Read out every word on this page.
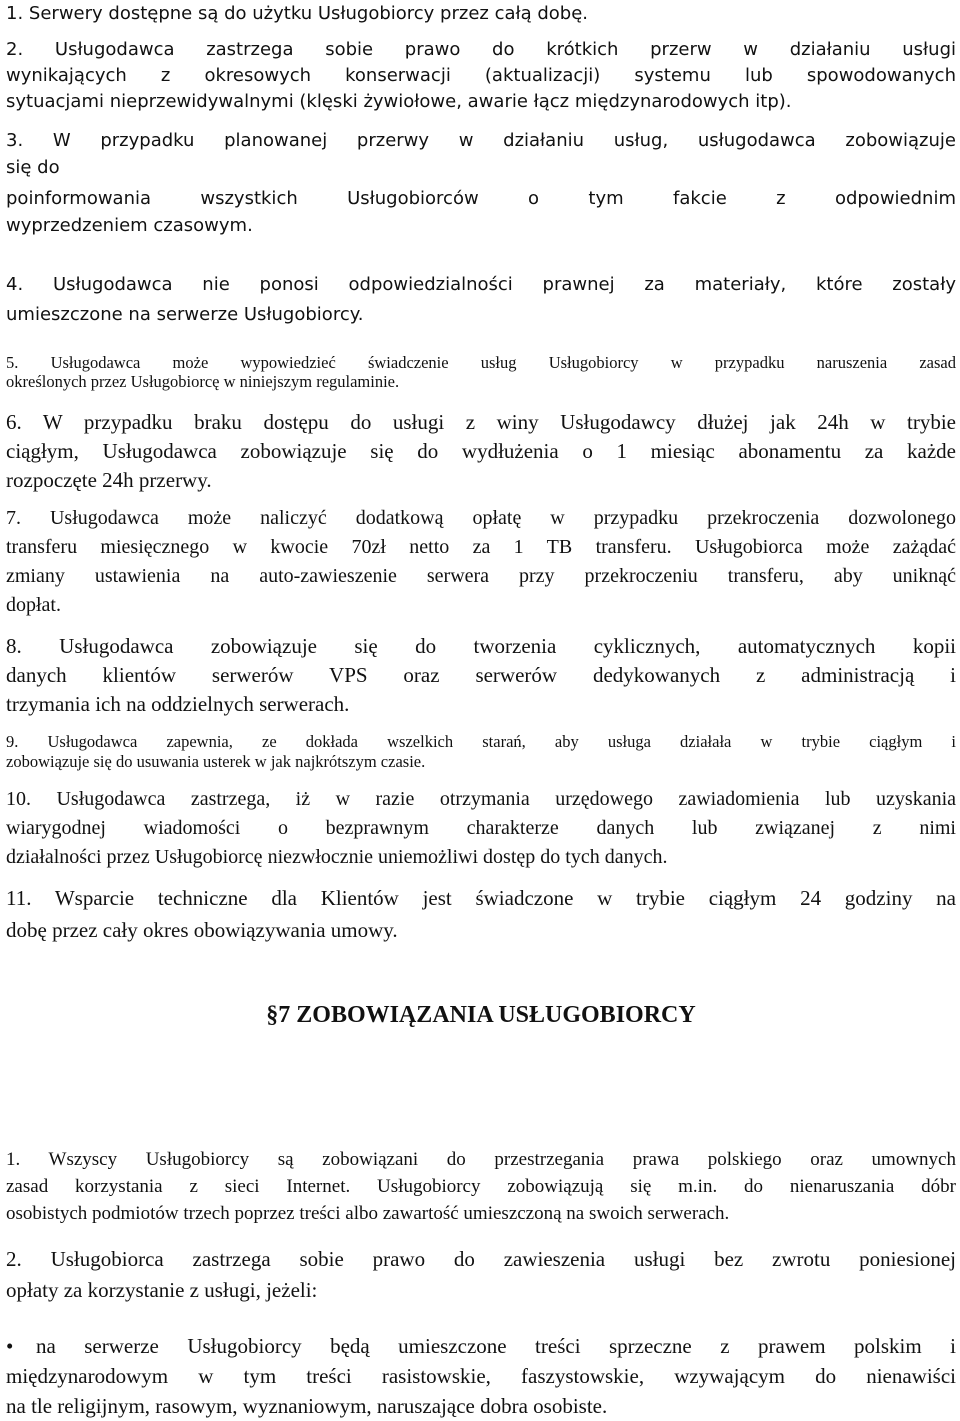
1. Serwery dostępne są do użytku Usługobiorcy przez całą dobę.
2. Usługodawca zastrzega sobie prawo do krótkich przerw w działaniu usługi
wynikających z okresowych konserwacji (aktualizacji) systemu lub spowodowanych
sytuacjami nieprzewidywalnymi (klęski żywiołowe, awarie łącz międzynarodowych itp).
3. W przypadku planowanej przerwy w działaniu usług, usługodawca zobowiązuje
się do
poinformowania wszystkich Usługobiorców o tym fakcie z odpowiednim
wyprzedzeniem czasowym.
4. Usługodawca nie ponosi odpowiedzialności prawnej za materiały, które zostały
umieszczone na serwerze Usługobiorcy.
5. Usługodawca może wypowiedzieć świadczenie usług Usługobiorcy w przypadku naruszenia zasad
określonych przez Usługobiorcę w niniejszym regulaminie.
6. W przypadku braku dostępu do usługi z winy Usługodawcy dłużej jak 24h w trybie
ciągłym, Usługodawca zobowiązuje się do wydłużenia o 1 miesiąc abonamentu za każde
rozpoczęte 24h przerwy.
7. Usługodawca może naliczyć dodatkową opłatę w przypadku przekroczenia dozwolonego
transferu miesięcznego w kwocie 70zł netto za 1 TB transferu. Usługobiorca może zażądać
zmiany ustawienia na auto-zawieszenie serwera przy przekroczeniu transferu, aby uniknąć
dopłat.
8. Usługodawca zobowiązuje się do tworzenia cyklicznych, automatycznych kopii
danych klientów serwerów VPS oraz serwerów dedykowanych z administracją i
trzymania ich na oddzielnych serwerach.
9. Usługodawca zapewnia, ze dokłada wszelkich starań, aby usługa działała w trybie ciągłym i
zobowiązuje się do usuwania usterek w jak najkrótszym czasie.
10. Usługodawca zastrzega, iż w razie otrzymania urzędowego zawiadomienia lub uzyskania
wiarygodnej wiadomości o bezprawnym charakterze danych lub związanej z nimi
działalności przez Usługobiorcę niezwłocznie uniemożliwi dostęp do tych danych.
11. Wsparcie techniczne dla Klientów jest świadczone w trybie ciągłym 24 godziny na
dobę przez cały okres obowiązywania umowy.
§7 ZOBOWIĄZANIA USŁUGOBIORCY
1. Wszyscy Usługobiorcy są zobowiązani do przestrzegania prawa polskiego oraz umownych
zasad korzystania z sieci Internet. Usługobiorcy zobowiązują się m.in. do nienaruszania dóbr
osobistych podmiotów trzech poprzez treści albo zawartość umieszczoną na swoich serwerach.
2. Usługobiorca zastrzega sobie prawo do zawieszenia usługi bez zwrotu poniesionej
opłaty za korzystanie z usługi, jeżeli:
• na serwerze Usługobiorcy będą umieszczone treści sprzeczne z prawem polskim i
międzynarodowym w tym treści rasistowskie, faszystowskie, wzywającym do nienawiści
na tle religijnym, rasowym, wyznaniowym, naruszające dobra osobiste.
